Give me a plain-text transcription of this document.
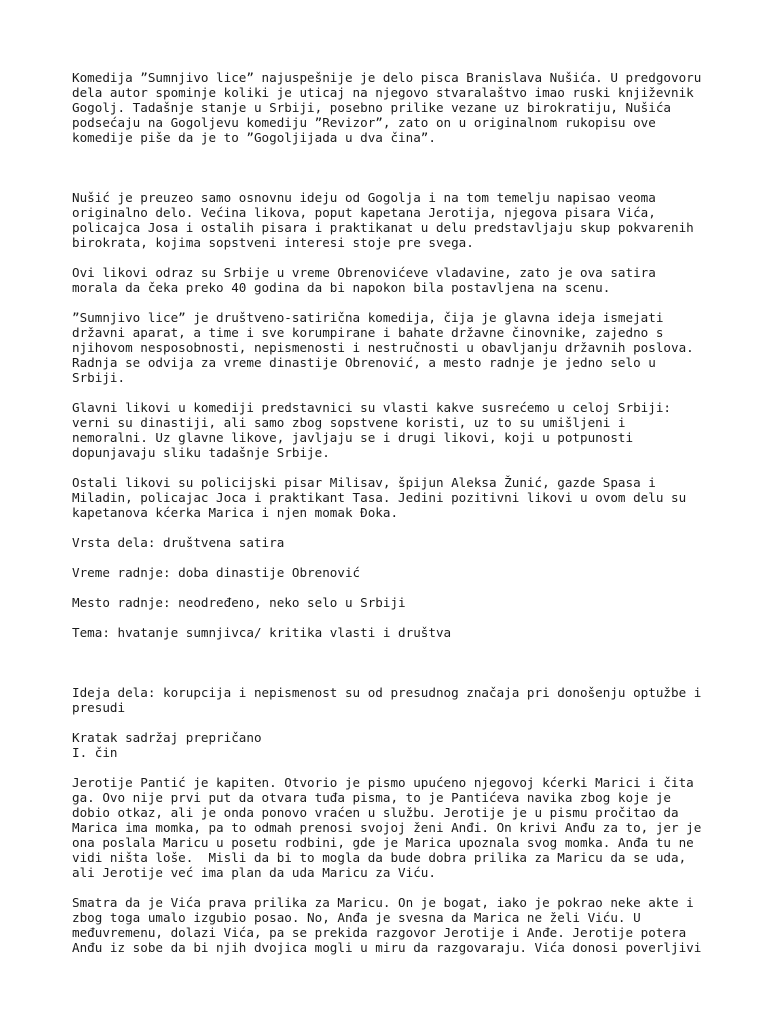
Komedija ”Sumnjivo lice” najuspešnije je delo pisca Branislava Nušića. U predgovoru
dela autor spominje koliki je uticaj na njegovo stvaralaštvo imao ruski književnik
Gogolj. Tadašnje stanje u Srbiji, posebno prilike vezane uz birokratiju, Nušića
podsećaju na Gogoljevu komediju ”Revizor”, zato on u originalnom rukopisu ove
komedije piše da je to ”Gogoljijada u dva čina”.
Nušić je preuzeo samo osnovnu ideju od Gogolja i na tom temelju napisao veoma
originalno delo. Većina likova, poput kapetana Jerotija, njegova pisara Vića,
policajca Josa i ostalih pisara i praktikanat u delu predstavljaju skup pokvarenih
birokrata, kojima sopstveni interesi stoje pre svega.
Ovi likovi odraz su Srbije u vreme Obrenovićeve vladavine, zato je ova satira
morala da čeka preko 40 godina da bi napokon bila postavljena na scenu.
”Sumnjivo lice” je društveno-satirična komedija, čija je glavna ideja ismejati
državni aparat, a time i sve korumpirane i bahate državne činovnike, zajedno s
njihovom nesposobnosti, nepismenosti i nestručnosti u obavljanju državnih poslova.
Radnja se odvija za vreme dinastije Obrenović, a mesto radnje je jedno selo u
Srbiji.
Glavni likovi u komediji predstavnici su vlasti kakve susrećemo u celoj Srbiji:
verni su dinastiji, ali samo zbog sopstvene koristi, uz to su umišljeni i
nemoralni. Uz glavne likove, javljaju se i drugi likovi, koji u potpunosti
dopunjavaju sliku tadašnje Srbije.
Ostali likovi su policijski pisar Milisav, špijun Aleksa Žunić, gazde Spasa i
Miladin, policajac Joca i praktikant Tasa. Jedini pozitivni likovi u ovom delu su
kapetanova kćerka Marica i njen momak Đoka.
Vrsta dela: društvena satira
Vreme radnje: doba dinastije Obrenović
Mesto radnje: neodređeno, neko selo u Srbiji
Tema: hvatanje sumnjivca/ kritika vlasti i društva
Ideja dela: korupcija i nepismenost su od presudnog značaja pri donošenju optužbe i
presudi
Kratak sadržaj prepričano
I. čin
Jerotije Pantić je kapiten. Otvorio je pismo upućeno njegovoj kćerki Marici i čita
ga. Ovo nije prvi put da otvara tuđa pisma, to je Pantićeva navika zbog koje je
dobio otkaz, ali je onda ponovo vraćen u službu. Jerotije je u pismu pročitao da
Marica ima momka, pa to odmah prenosi svojoj ženi Anđi. On krivi Anđu za to, jer je
ona poslala Maricu u posetu rodbini, gde je Marica upoznala svog momka. Anđa tu ne
vidi ništa loše.  Misli da bi to mogla da bude dobra prilika za Maricu da se uda,
ali Jerotije već ima plan da uda Maricu za Viću.
Smatra da je Vića prava prilika za Maricu. On je bogat, iako je pokrao neke akte i
zbog toga umalo izgubio posao. No, Anđa je svesna da Marica ne želi Viću. U
međuvremenu, dolazi Vića, pa se prekida razgovor Jerotije i Anđe. Jerotije potera
Anđu iz sobe da bi njih dvojica mogli u miru da razgovaraju. Vića donosi poverljivi
